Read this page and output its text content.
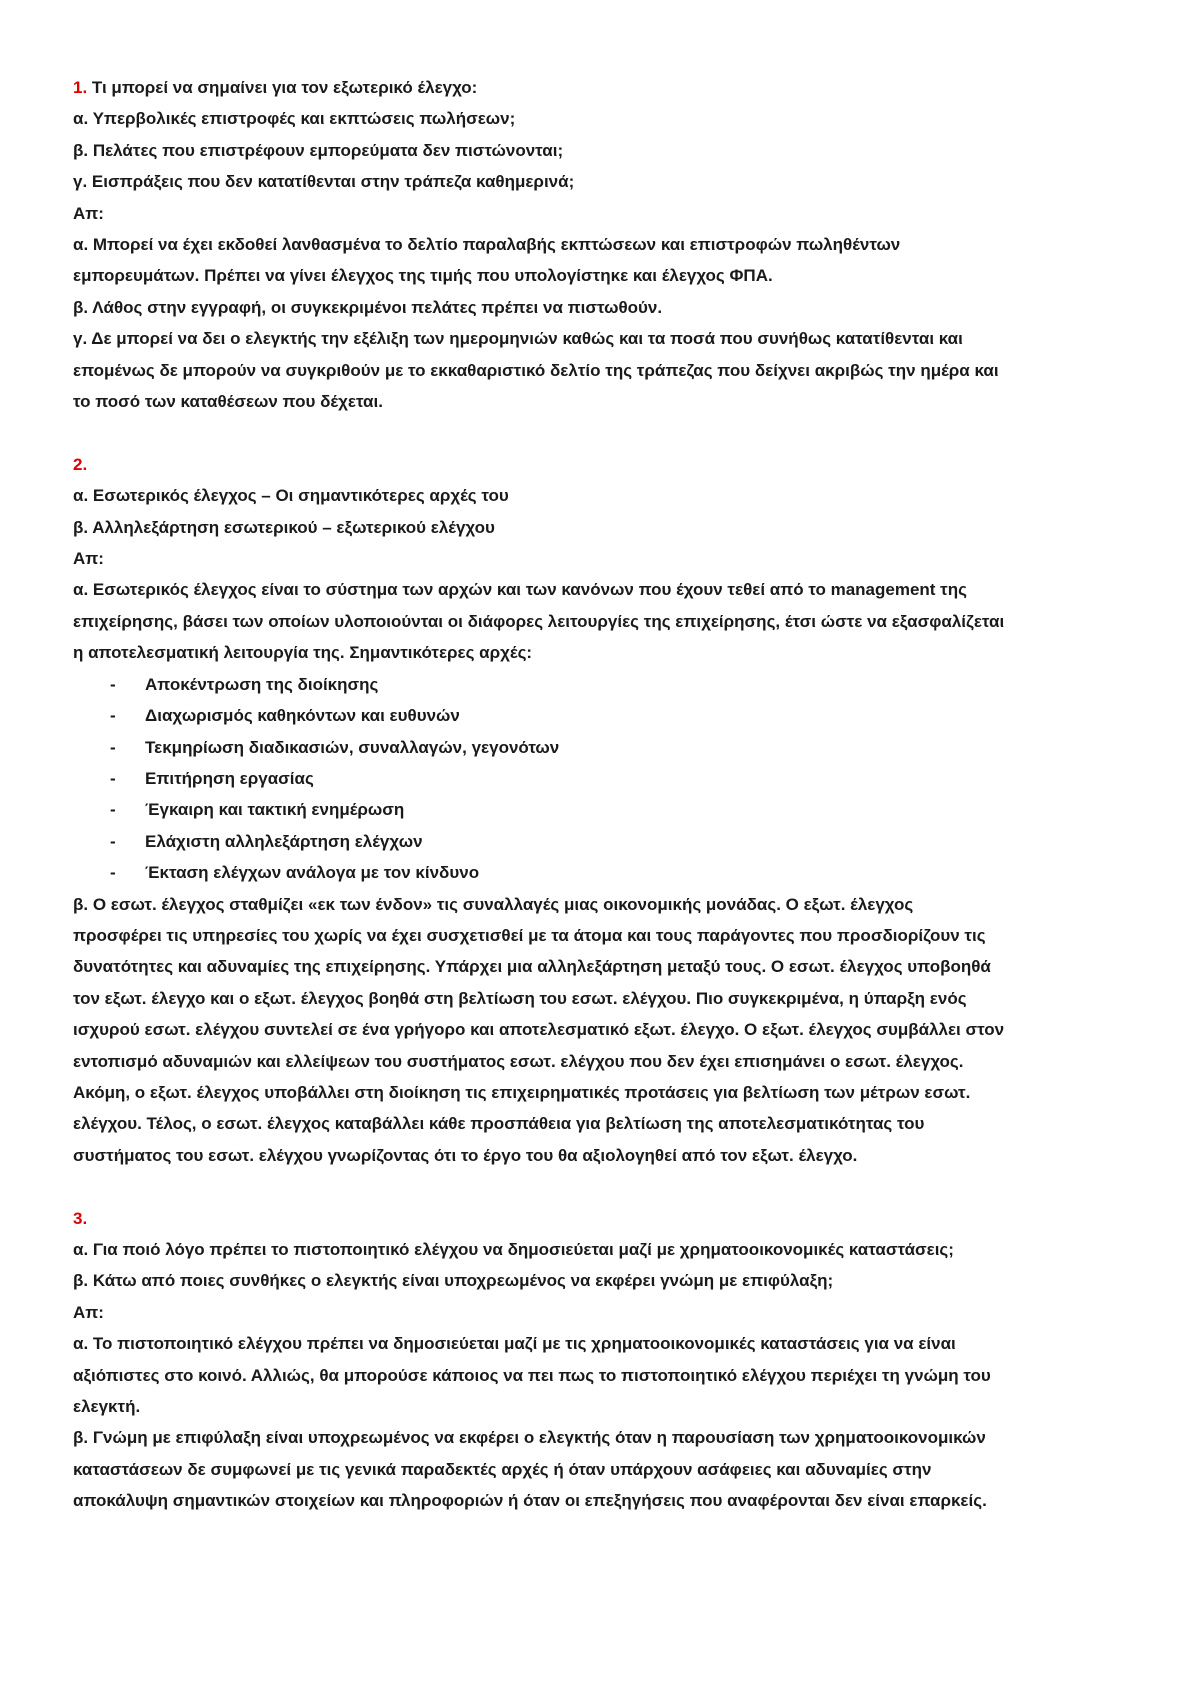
1. Τι μπορεί να σημαίνει για τον εξωτερικό έλεγχο:
α. Υπερβολικές επιστροφές και εκπτώσεις πωλήσεων;
β. Πελάτες που επιστρέφουν εμπορεύματα δεν πιστώνονται;
γ. Εισπράξεις που δεν κατατίθενται στην τράπεζα καθημερινά;
Απ:
α. Μπορεί να έχει εκδοθεί λανθασμένα το δελτίο παραλαβής εκπτώσεων και επιστροφών πωληθέντων
εμπορευμάτων. Πρέπει να γίνει έλεγχος της τιμής που υπολογίστηκε και έλεγχος ΦΠΑ.
β. Λάθος στην εγγραφή, οι συγκεκριμένοι πελάτες πρέπει να πιστωθούν.
γ. Δε μπορεί να δει ο ελεγκτής την εξέλιξη των ημερομηνιών καθώς και τα ποσά που συνήθως κατατίθενται και
επομένως δε μπορούν να συγκριθούν με το εκκαθαριστικό δελτίο της τράπεζας που δείχνει ακριβώς την ημέρα και
το ποσό των καταθέσεων που δέχεται.
2.
α. Εσωτερικός έλεγχος – Οι σημαντικότερες αρχές του
β. Αλληλεξάρτηση εσωτερικού – εξωτερικού ελέγχου
Απ:
α. Εσωτερικός έλεγχος είναι το σύστημα των αρχών και των κανόνων που έχουν τεθεί από το management της
επιχείρησης, βάσει των οποίων υλοποιούνται οι διάφορες λειτουργίες της επιχείρησης, έτσι ώστε να εξασφαλίζεται
η αποτελεσματική λειτουργία της. Σημαντικότερες αρχές:
- Αποκέντρωση της διοίκησης
- Διαχωρισμός καθηκόντων και ευθυνών
- Τεκμηρίωση διαδικασιών, συναλλαγών, γεγονότων
- Επιτήρηση εργασίας
- Έγκαιρη και τακτική ενημέρωση
- Ελάχιστη αλληλεξάρτηση ελέγχων
- Έκταση ελέγχων ανάλογα με τον κίνδυνο
β. Ο εσωτ. έλεγχος σταθμίζει «εκ των ένδον» τις συναλλαγές μιας οικονομικής μονάδας. Ο εξωτ. έλεγχος
προσφέρει τις υπηρεσίες του χωρίς να έχει συσχετισθεί με τα άτομα και τους παράγοντες που προσδιορίζουν τις
δυνατότητες και αδυναμίες της επιχείρησης. Υπάρχει μια αλληλεξάρτηση μεταξύ τους. Ο εσωτ. έλεγχος υποβοηθά
τον εξωτ. έλεγχο και ο εξωτ. έλεγχος βοηθά στη βελτίωση του εσωτ. ελέγχου. Πιο συγκεκριμένα, η ύπαρξη ενός
ισχυρού εσωτ. ελέγχου συντελεί σε ένα γρήγορο και αποτελεσματικό εξωτ. έλεγχο. Ο εξωτ. έλεγχος συμβάλλει στον
εντοπισμό αδυναμιών και ελλείψεων του συστήματος εσωτ. ελέγχου που δεν έχει επισημάνει ο εσωτ. έλεγχος.
Ακόμη, ο εξωτ. έλεγχος υποβάλλει στη διοίκηση τις επιχειρηματικές προτάσεις για βελτίωση των μέτρων εσωτ.
ελέγχου. Τέλος, ο εσωτ. έλεγχος καταβάλλει κάθε προσπάθεια για βελτίωση της αποτελεσματικότητας του
συστήματος του εσωτ. ελέγχου γνωρίζοντας ότι το έργο του θα αξιολογηθεί από τον εξωτ. έλεγχο.
3.
α. Για ποιό λόγο πρέπει το πιστοποιητικό ελέγχου να δημοσιεύεται μαζί με χρηματοοικονομικές καταστάσεις;
β. Κάτω από ποιες συνθήκες ο ελεγκτής είναι υποχρεωμένος να εκφέρει γνώμη με επιφύλαξη;
Απ:
α. Το πιστοποιητικό ελέγχου πρέπει να δημοσιεύεται μαζί με τις χρηματοοικονομικές καταστάσεις για να είναι
αξιόπιστες στο κοινό. Αλλιώς, θα μπορούσε κάποιος να πει πως το πιστοποιητικό ελέγχου περιέχει τη γνώμη του
ελεγκτή.
β. Γνώμη με επιφύλαξη είναι υποχρεωμένος να εκφέρει ο ελεγκτής όταν η παρουσίαση των χρηματοοικονομικών
καταστάσεων δε συμφωνεί με τις γενικά παραδεκτές αρχές ή όταν υπάρχουν ασάφειες και αδυναμίες στην
αποκάλυψη σημαντικών στοιχείων και πληροφοριών ή όταν οι επεξηγήσεις που αναφέρονται δεν είναι επαρκείς.
